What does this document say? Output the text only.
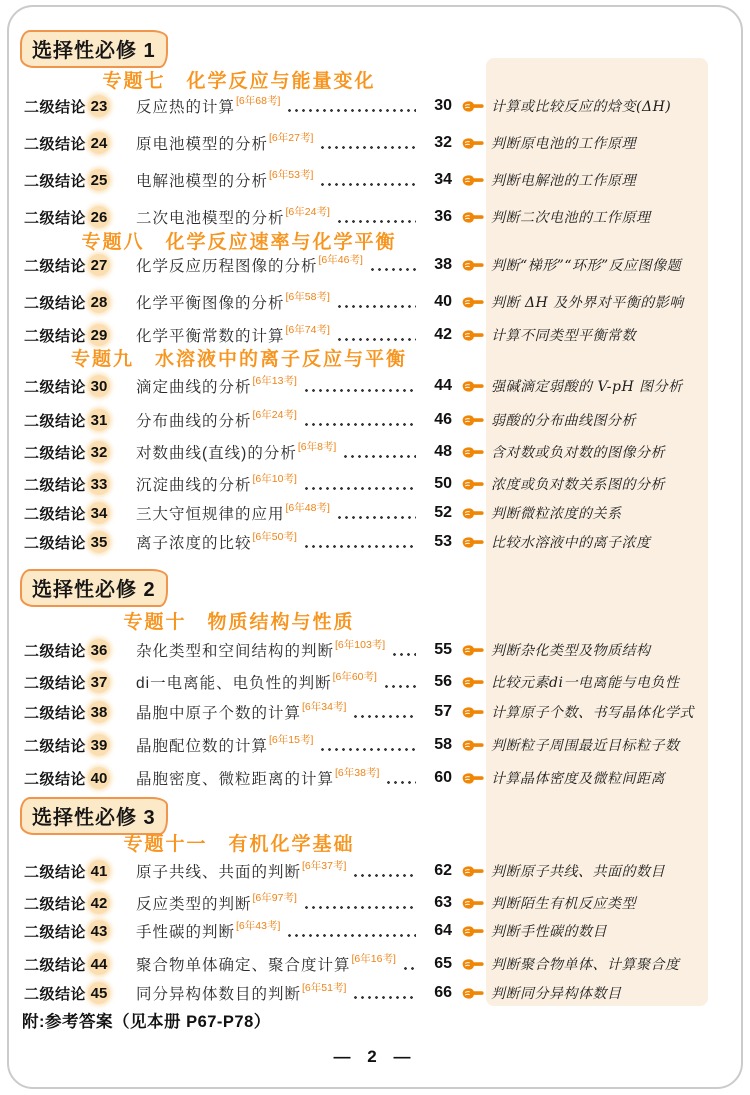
选择性必修 1
专题七　化学反应与能量变化
二级结论 23 反应热的计算 [6年68考]	30	计算或比较反应的焓变(ΔH)
二级结论 24 原电池模型的分析 [6年27考]	32	判断原电池的工作原理
二级结论 25 电解池模型的分析 [6年53考]	34	判断电解池的工作原理
二级结论 26 二次电池模型的分析 [6年24考]	36	判断二次电池的工作原理
专题八　化学反应速率与化学平衡
二级结论 27 化学反应历程图像的分析 [6年46考]	38	判断“梯形”“环形”反应图像题
二级结论 28 化学平衡图像的分析 [6年58考]	40	判断 ΔH 及外界对平衡的影响
二级结论 29 化学平衡常数的计算 [6年74考]	42	计算不同类型平衡常数
专题九　水溶液中的离子反应与平衡
二级结论 30 滴定曲线的分析 [6年13考]	44	强碱滴定弱酸的 V-pH 图分析
二级结论 31 分布曲线的分析 [6年24考]	46	弱酸的分布曲线图分析
二级结论 32 对数曲线(直线)的分析 [6年8考]	48	含对数或负对数的图像分析
二级结论 33 沉淀曲线的分析 [6年10考]	50	浓度或负对数关系图的分析
二级结论 34 三大守恒规律的应用 [6年48考]	52	判断微粒浓度的关系
二级结论 35 离子浓度的比较 [6年50考]	53	比较水溶液中的离子浓度
选择性必修 2
专题十　物质结构与性质
二级结论 36 杂化类型和空间结构的判断 [6年103考]	55	判断杂化类型及物质结构
二级结论 37 di一电离能、电负性的判断 [6年60考]	56	比较元素di一电离能与电负性
二级结论 38 晶胞中原子个数的计算 [6年34考]	57	计算原子个数、书写晶体化学式
二级结论 39 晶胞配位数的计算 [6年15考]	58	判断粒子周围最近目标粒子数
二级结论 40 晶胞密度、微粒距离的计算 [6年38考]	60	计算晶体密度及微粒间距离
选择性必修 3
专题十一　有机化学基础
二级结论 41 原子共线、共面的判断 [6年37考]	62	判断原子共线、共面的数目
二级结论 42 反应类型的判断 [6年97考]	63	判断陌生有机反应类型
二级结论 43 手性碳的判断 [6年43考]	64	判断手性碳的数目
二级结论 44 聚合物单体确定、聚合度计算 [6年16考]	65	判断聚合物单体、计算聚合度
二级结论 45 同分异构体数目的判断 [6年51考]	66	判断同分异构体数目
附:参考答案（见本册 P67-P78）
— 2 —
